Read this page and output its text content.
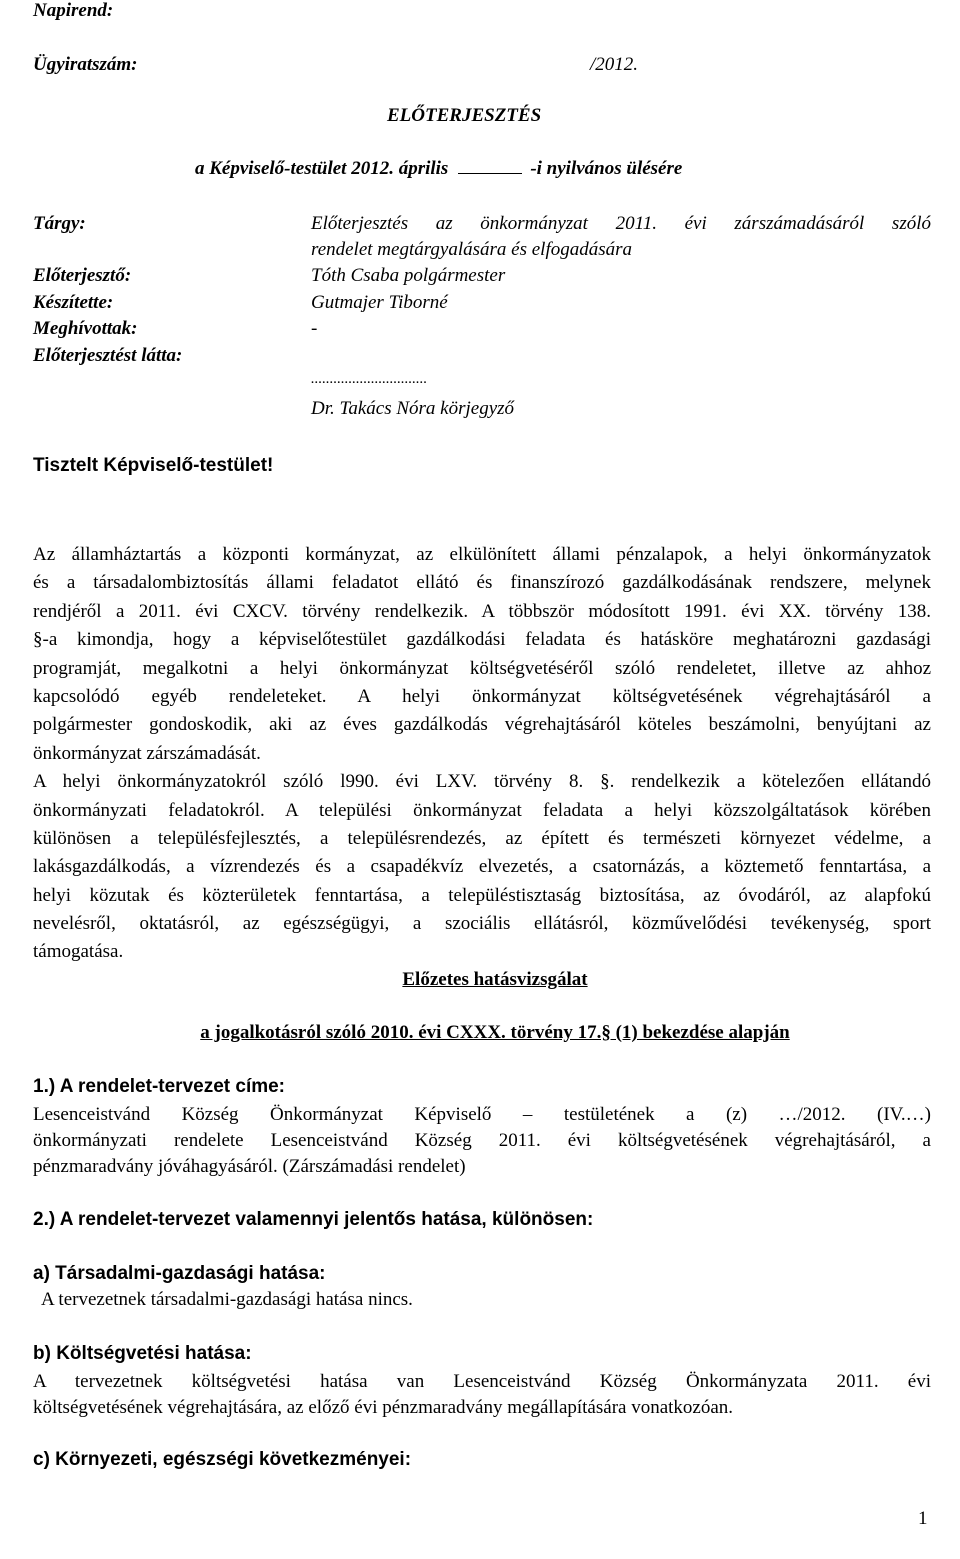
Napirend:
Ügyiratszám:	/2012.
ELŐTERJESZTÉS
a Képviselő-testület 2012. április	-i nyilvános ülésére
Tárgy:	Előterjesztés az önkormányzat 2011. évi zárszámadásáról szóló
rendelet megtárgyalására és elfogadására
Előterjesztő:	Tóth Csaba polgármester
Készítette:	Gutmajer Tiborné
Meghívottak:	-
Előterjesztést látta:
...............................
Dr. Takács Nóra körjegyző
Tisztelt Képviselő-testület!
Az államháztartás a központi kormányzat, az elkülönített állami pénzalapok, a helyi önkormányzatok
és a társadalombiztosítás állami feladatot ellátó és finanszírozó gazdálkodásának rendszere, melynek
rendjéről a 2011. évi CXCV. törvény rendelkezik. A többször módosított 1991. évi XX. törvény 138.
§-a kimondja, hogy a képviselőtestület gazdálkodási feladata és hatásköre meghatározni gazdasági
programját, megalkotni a helyi önkormányzat költségvetéséről szóló rendeletet, illetve az ahhoz
kapcsolódó egyéb rendeleteket. A helyi önkormányzat költségvetésének végrehajtásáról a
polgármester gondoskodik, aki az éves gazdálkodás végrehajtásáról köteles beszámolni, benyújtani az
önkormányzat zárszámadását.
A helyi önkormányzatokról szóló l990. évi LXV. törvény 8. §. rendelkezik a kötelezően ellátandó
önkormányzati feladatokról. A települési önkormányzat feladata a helyi közszolgáltatások körében
különösen a településfejlesztés, a településrendezés, az épített és természeti környezet védelme, a
lakásgazdálkodás, a vízrendezés és a csapadékvíz elvezetés, a csatornázás, a köztemető fenntartása, a
helyi közutak és közterületek fenntartása, a településtisztaság biztosítása, az óvodáról, az alapfokú
nevelésről, oktatásról, az egészségügyi, a szociális ellátásról, közművelődési tevékenység, sport
támogatása.
Előzetes hatásvizsgálat
a jogalkotásról szóló 2010. évi CXXX. törvény 17.§ (1) bekezdése alapján
1.) A rendelet-tervezet címe:
Lesenceistvánd Község Önkormányzat Képviselő – testületének a (z) …/2012. (IV.…)
önkormányzati rendelete Lesenceistvánd Község 2011. évi költségvetésének végrehajtásáról, a
pénzmaradvány jóváhagyásáról. (Zárszámadási rendelet)
2.) A rendelet-tervezet valamennyi jelentős hatása, különösen:
a) Társadalmi-gazdasági hatása:
A tervezetnek társadalmi-gazdasági hatása nincs.
b) Költségvetési hatása:
A tervezetnek költségvetési hatása van Lesenceistvánd Község Önkormányzata 2011. évi
költségvetésének végrehajtására, az előző évi pénzmaradvány megállapítására vonatkozóan.
c) Környezeti, egészségi következményei:
1
